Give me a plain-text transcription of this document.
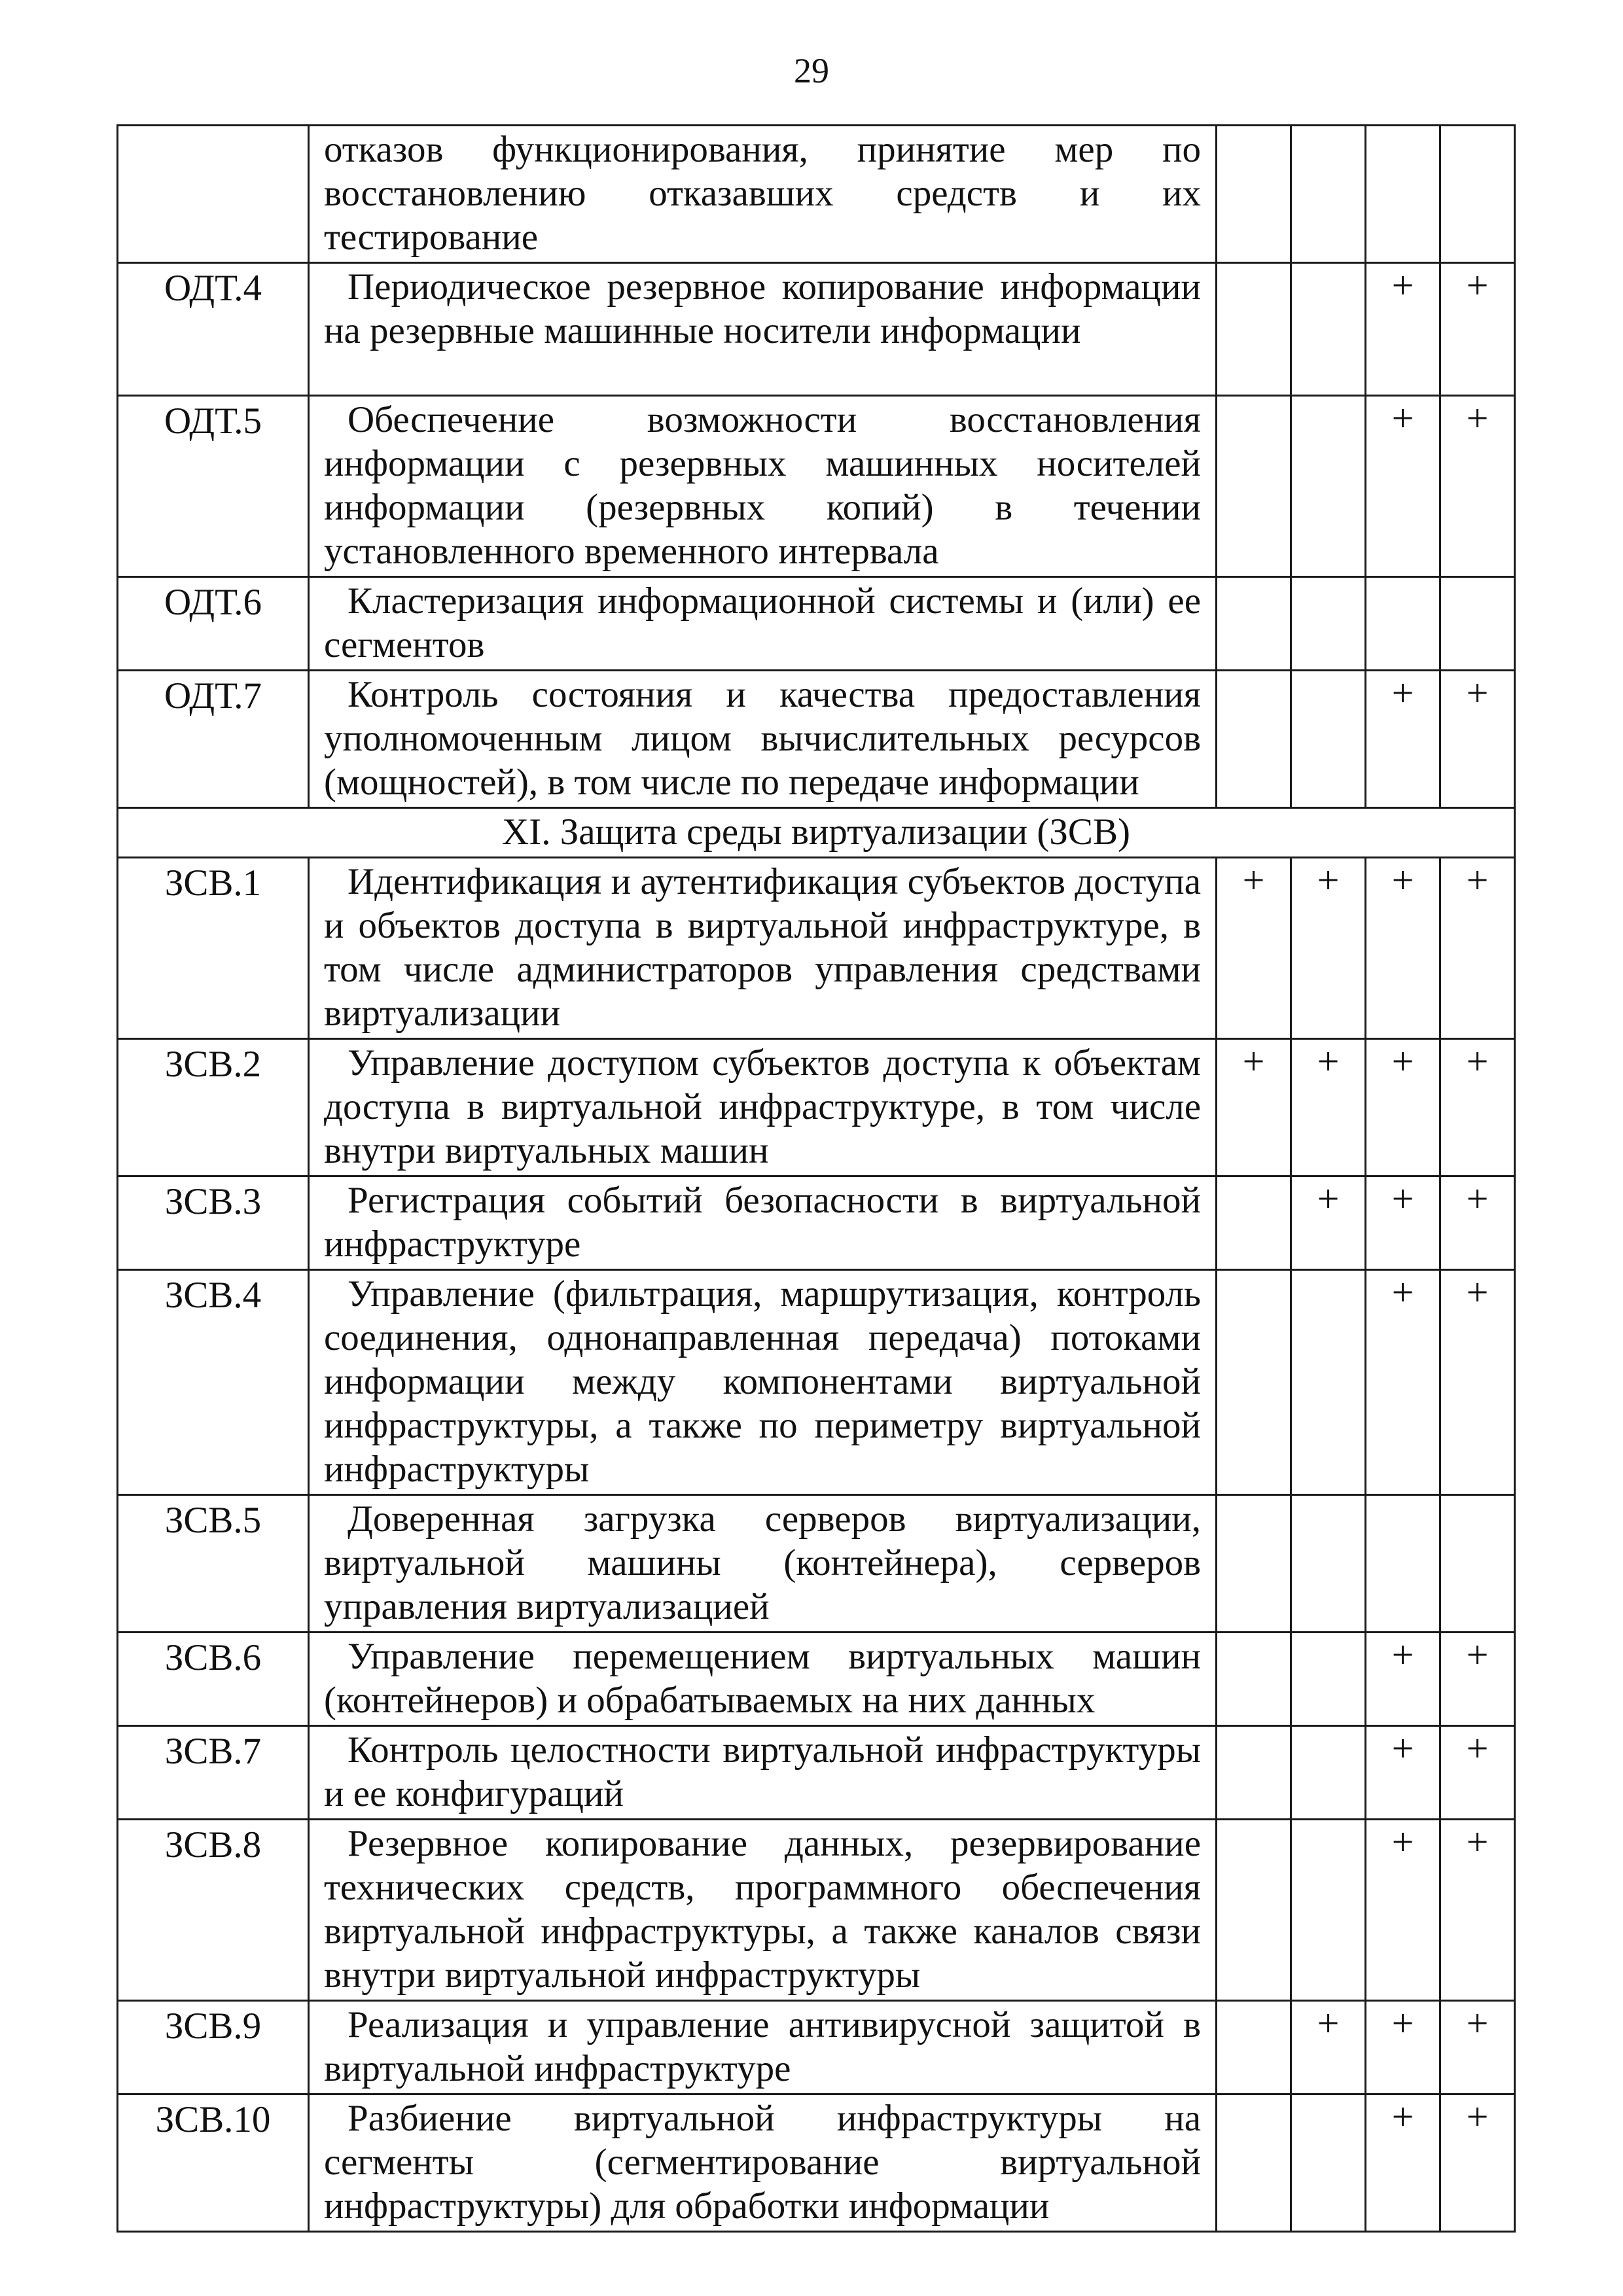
29
	отказов функционирования, принятие мер по восстановлению отказавших средств и их тестирование				
ОДТ.4	Периодическое резервное копирование информации на резервные машинные носители информации			+	+
ОДТ.5	Обеспечение возможности восстановления информации с резервных машинных носителей информации (резервных копий) в течении установленного временного интервала			+	+
ОДТ.6	Кластеризация информационной системы и (или) ее сегментов				
ОДТ.7	Контроль состояния и качества предоставления уполномоченным лицом вычислительных ресурсов (мощностей), в том числе по передаче информации			+	+
XI. Защита среды виртуализации (ЗСВ)					
ЗСВ.1	Идентификация и аутентификация субъектов доступа и объектов доступа в виртуальной инфраструктуре, в том числе администраторов управления средствами виртуализации	+	+	+	+
ЗСВ.2	Управление доступом субъектов доступа к объектам доступа в виртуальной инфраструктуре, в том числе внутри виртуальных машин	+	+	+	+
ЗСВ.3	Регистрация событий безопасности в виртуальной инфраструктуре		+	+	+
ЗСВ.4	Управление (фильтрация, маршрутизация, контроль соединения, однонаправленная передача) потоками информации между компонентами виртуальной инфраструктуры, а также по периметру виртуальной инфраструктуры			+	+
ЗСВ.5	Доверенная загрузка серверов виртуализации, виртуальной машины (контейнера), серверов управления виртуализацией				
ЗСВ.6	Управление перемещением виртуальных машин (контейнеров) и обрабатываемых на них данных			+	+
ЗСВ.7	Контроль целостности виртуальной инфраструктуры и ее конфигураций			+	+
ЗСВ.8	Резервное копирование данных, резервирование технических средств, программного обеспечения виртуальной инфраструктуры, а также каналов связи внутри виртуальной инфраструктуры			+	+
ЗСВ.9	Реализация и управление антивирусной защитой в виртуальной инфраструктуре		+	+	+
ЗСВ.10	Разбиение виртуальной инфраструктуры на сегменты (сегментирование виртуальной инфраструктуры) для обработки информации			+	+
